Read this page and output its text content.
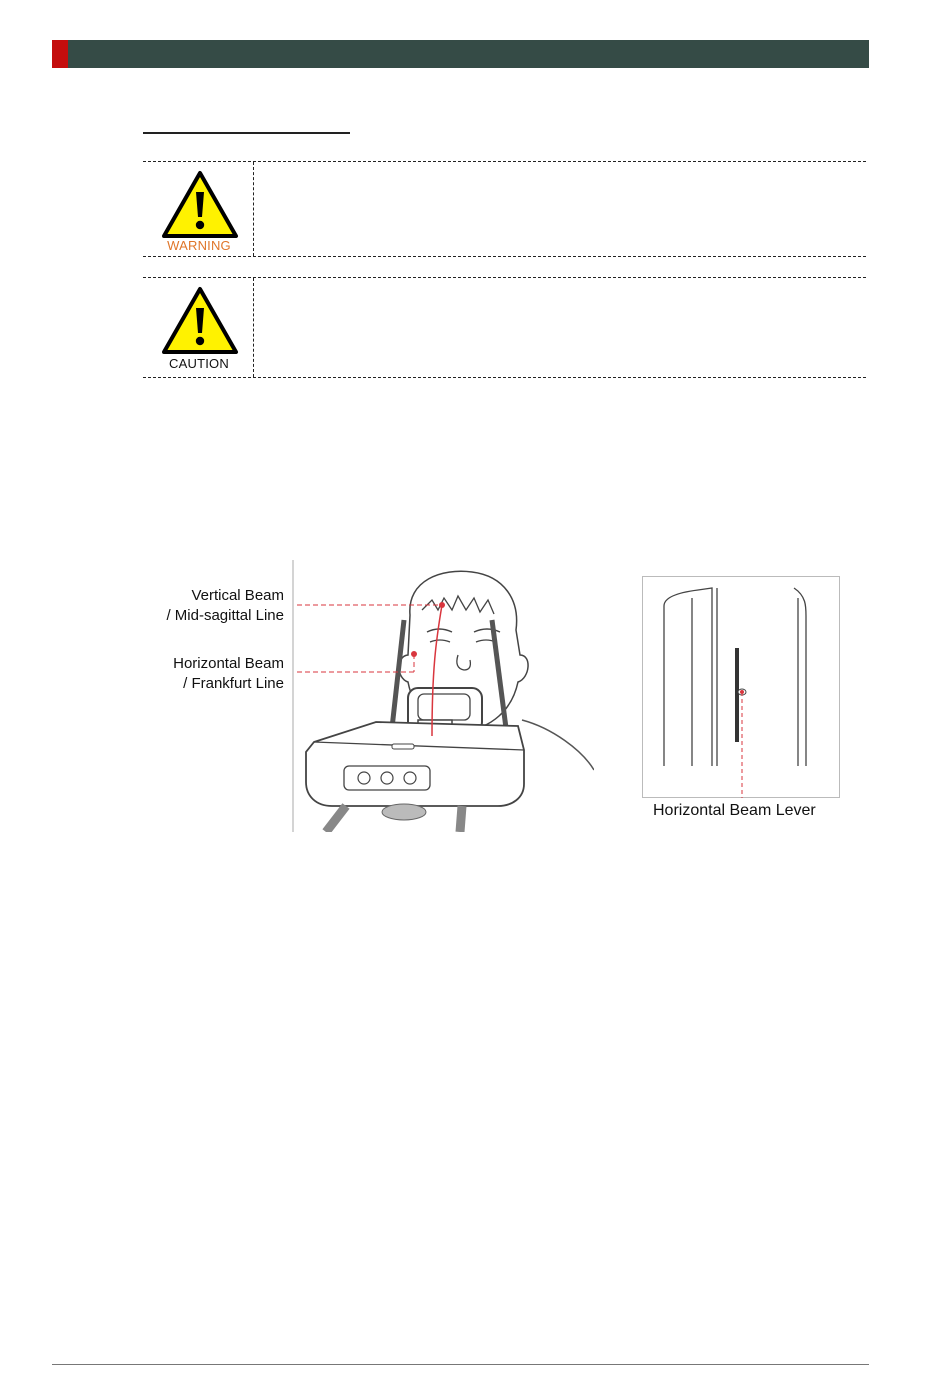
WARNING
CAUTION
Vertical Beam
/ Mid-sagittal Line
Horizontal Beam
/ Frankfurt Line
Horizontal Beam Lever
